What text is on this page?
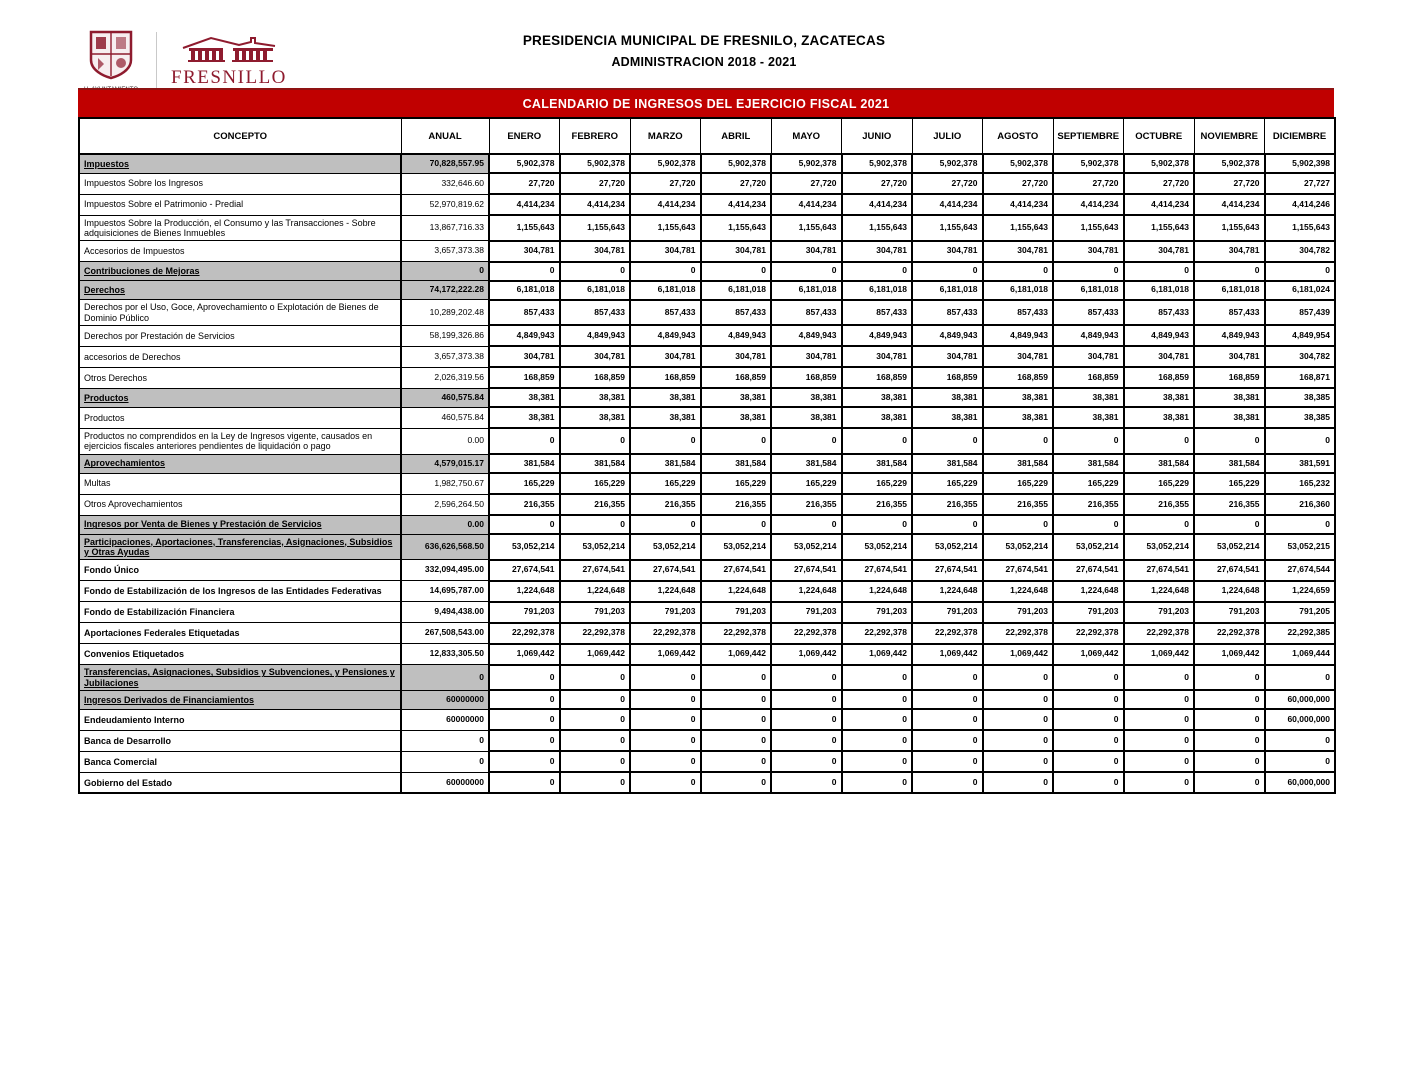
FRESNILLO
PRESIDENCIA MUNICIPAL DE FRESNILO, ZACATECAS
ADMINISTRACION 2018 - 2021
CALENDARIO DE INGRESOS DEL EJERCICIO FISCAL 2021
CONCEPTO	ANUAL	ENERO	FEBRERO	MARZO	ABRIL	MAYO	JUNIO	JULIO	AGOSTO	SEPTIEMBRE	OCTUBRE	NOVIEMBRE	DICIEMBRE
Impuestos	70,828,557.95	5,902,378	5,902,378	5,902,378	5,902,378	5,902,378	5,902,378	5,902,378	5,902,378	5,902,378	5,902,378	5,902,378	5,902,398
Impuestos Sobre los Ingresos	332,646.60	27,720	27,720	27,720	27,720	27,720	27,720	27,720	27,720	27,720	27,720	27,720	27,727
Impuestos Sobre el Patrimonio - Predial	52,970,819.62	4,414,234	4,414,234	4,414,234	4,414,234	4,414,234	4,414,234	4,414,234	4,414,234	4,414,234	4,414,234	4,414,234	4,414,246
Impuestos Sobre la Producción, el Consumo y las Transacciones - Sobre adquisiciones de Bienes Inmuebles	13,867,716.33	1,155,643	1,155,643	1,155,643	1,155,643	1,155,643	1,155,643	1,155,643	1,155,643	1,155,643	1,155,643	1,155,643	1,155,643
Accesorios de Impuestos	3,657,373.38	304,781	304,781	304,781	304,781	304,781	304,781	304,781	304,781	304,781	304,781	304,781	304,782
Contribuciones de Mejoras	0	0	0	0	0	0	0	0	0	0	0	0	0
Derechos	74,172,222.28	6,181,018	6,181,018	6,181,018	6,181,018	6,181,018	6,181,018	6,181,018	6,181,018	6,181,018	6,181,018	6,181,018	6,181,024
Derechos por el Uso, Goce, Aprovechamiento o Explotación de Bienes de Dominio Público	10,289,202.48	857,433	857,433	857,433	857,433	857,433	857,433	857,433	857,433	857,433	857,433	857,433	857,439
Derechos por Prestación de Servicios	58,199,326.86	4,849,943	4,849,943	4,849,943	4,849,943	4,849,943	4,849,943	4,849,943	4,849,943	4,849,943	4,849,943	4,849,943	4,849,954
accesorios de Derechos	3,657,373.38	304,781	304,781	304,781	304,781	304,781	304,781	304,781	304,781	304,781	304,781	304,781	304,782
Otros Derechos	2,026,319.56	168,859	168,859	168,859	168,859	168,859	168,859	168,859	168,859	168,859	168,859	168,859	168,871
Productos	460,575.84	38,381	38,381	38,381	38,381	38,381	38,381	38,381	38,381	38,381	38,381	38,381	38,385
Productos	460,575.84	38,381	38,381	38,381	38,381	38,381	38,381	38,381	38,381	38,381	38,381	38,381	38,385
Productos no comprendidos en la Ley de Ingresos vigente, causados en ejercicios fiscales anteriores pendientes de liquidación o pago	0.00	0	0	0	0	0	0	0	0	0	0	0	0
Aprovechamientos	4,579,015.17	381,584	381,584	381,584	381,584	381,584	381,584	381,584	381,584	381,584	381,584	381,584	381,591
Multas	1,982,750.67	165,229	165,229	165,229	165,229	165,229	165,229	165,229	165,229	165,229	165,229	165,229	165,232
Otros Aprovechamientos	2,596,264.50	216,355	216,355	216,355	216,355	216,355	216,355	216,355	216,355	216,355	216,355	216,355	216,360
Ingresos por Venta de Bienes y Prestación de Servicios	0.00	0	0	0	0	0	0	0	0	0	0	0	0
Participaciones, Aportaciones, Transferencias, Asignaciones, Subsidios y Otras Ayudas	636,626,568.50	53,052,214	53,052,214	53,052,214	53,052,214	53,052,214	53,052,214	53,052,214	53,052,214	53,052,214	53,052,214	53,052,214	53,052,215
Fondo Único	332,094,495.00	27,674,541	27,674,541	27,674,541	27,674,541	27,674,541	27,674,541	27,674,541	27,674,541	27,674,541	27,674,541	27,674,541	27,674,544
Fondo de Estabilización de los Ingresos de las Entidades Federativas	14,695,787.00	1,224,648	1,224,648	1,224,648	1,224,648	1,224,648	1,224,648	1,224,648	1,224,648	1,224,648	1,224,648	1,224,648	1,224,659
Fondo de Estabilización Financiera	9,494,438.00	791,203	791,203	791,203	791,203	791,203	791,203	791,203	791,203	791,203	791,203	791,203	791,205
Aportaciones Federales Etiquetadas	267,508,543.00	22,292,378	22,292,378	22,292,378	22,292,378	22,292,378	22,292,378	22,292,378	22,292,378	22,292,378	22,292,378	22,292,378	22,292,385
Convenios Etiquetados	12,833,305.50	1,069,442	1,069,442	1,069,442	1,069,442	1,069,442	1,069,442	1,069,442	1,069,442	1,069,442	1,069,442	1,069,442	1,069,444
Transferencias, Asignaciones, Subsidios y Subvenciones, y Pensiones y Jubilaciones	0	0	0	0	0	0	0	0	0	0	0	0	0
Ingresos Derivados de Financiamientos	60000000	0	0	0	0	0	0	0	0	0	0	0	60,000,000
Endeudamiento Interno	60000000	0	0	0	0	0	0	0	0	0	0	0	60,000,000
Banca de Desarrollo	0	0	0	0	0	0	0	0	0	0	0	0	0
Banca Comercial	0	0	0	0	0	0	0	0	0	0	0	0	0
Gobierno del Estado	60000000	0	0	0	0	0	0	0	0	0	0	0	60,000,000
